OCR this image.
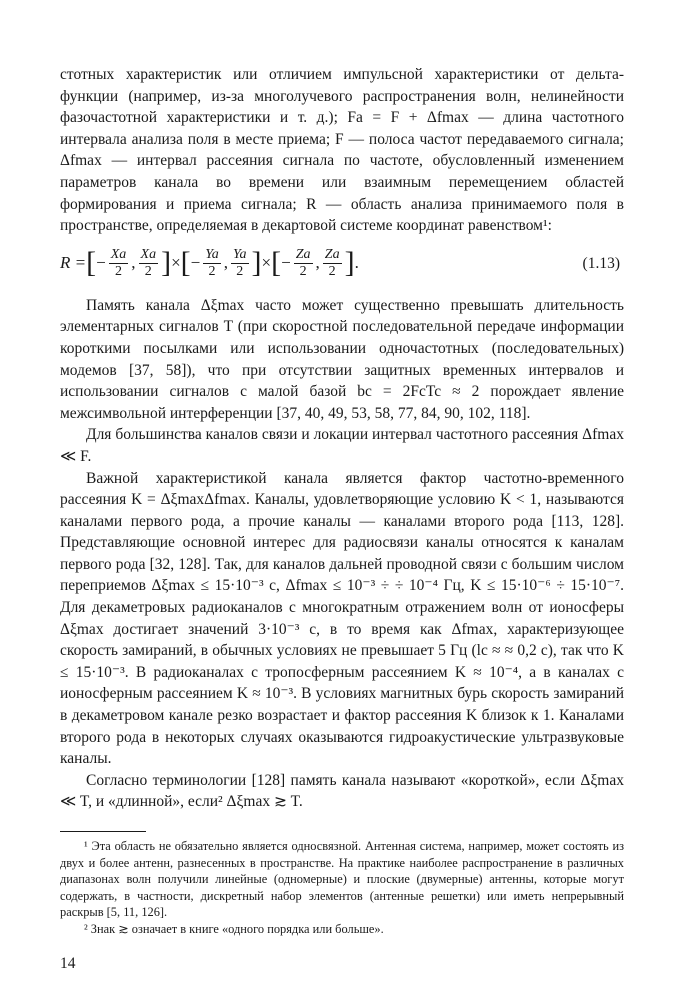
стотных характеристик или отличием импульсной характеристики от дельта-функции (например, из-за многолучевого распространения волн, нелинейности фазочастотной характеристики и т. д.); Fа = F + Δfmax — длина частотного интервала анализа поля в месте приема; F — полоса частот передаваемого сигнала; Δfmax — интервал рассеяния сигнала по частоте, обусловленный изменением параметров канала во времени или взаимным перемещением областей формирования и приема сигнала; R — область анализа принимаемого поля в пространстве, определяемая в декартовой системе координат равенством¹:

R = [ − $\frac{Xa}{2}$ , $\frac{Xa}{2}$ ] × [ − $\frac{Ya}{2}$ , $\frac{Ya}{2}$ ] × [ − $\frac{Za}{2}$ , $\frac{Za}{2}$ ] .	(1.13)

Память канала Δξmax часто может существенно превышать длительность элементарных сигналов T (при скоростной последовательной передаче информации короткими посылками или использовании одночастотных (последовательных) модемов [37, 58]), что при отсутствии защитных временных интервалов и использовании сигналов с малой базой bc = 2FcTc ≈ 2 порождает явление межсимвольной интерференции [37, 40, 49, 53, 58, 77, 84, 90, 102, 118].

Для большинства каналов связи и локации интервал частотного рассеяния Δfmax ≪ F.

Важной характеристикой канала является фактор частотно-временного рассеяния K = ΔξmaxΔfmax. Каналы, удовлетворяющие условию K < 1, называются каналами первого рода, а прочие каналы — каналами второго рода [113, 128]. Представляющие основной интерес для радиосвязи каналы относятся к каналам первого рода [32, 128]. Так, для каналов дальней проводной связи с большим числом переприемов Δξmax ≤ 15·10⁻³ с, Δfmax ≤ 10⁻³ ÷ ÷ 10⁻⁴ Гц, K ≤ 15·10⁻⁶ ÷ 15·10⁻⁷. Для декаметровых радиоканалов с многократным отражением волн от ионосферы Δξmax достигает значений 3·10⁻³ с, в то время как Δfmax, характеризующее скорость замираний, в обычных условиях не превышает 5 Гц (lc ≈ ≈ 0,2 с), так что K ≤ 15·10⁻³. В радиоканалах с тропосферным рассеянием K ≈ 10⁻⁴, а в каналах с ионосферным рассеянием K ≈ 10⁻³. В условиях магнитных бурь скорость замираний в декаметровом канале резко возрастает и фактор рассеяния K близок к 1. Каналами второго рода в некоторых случаях оказываются гидроакустические ультразвуковые каналы.

Согласно терминологии [128] память канала называют «короткой», если Δξmax ≪ T, и «длинной», если² Δξmax ≳ T.

¹ Эта область не обязательно является односвязной. Антенная система, например, может состоять из двух и более антенн, разнесенных в пространстве. На практике наиболее распространение в различных диапазонах волн получили линейные (одномерные) и плоские (двумерные) антенны, которые могут содержать, в частности, дискретный набор элементов (антенные решетки) или иметь непрерывный раскрыв [5, 11, 126].

² Знак ≳ означает в книге «одного порядка или больше».

14
